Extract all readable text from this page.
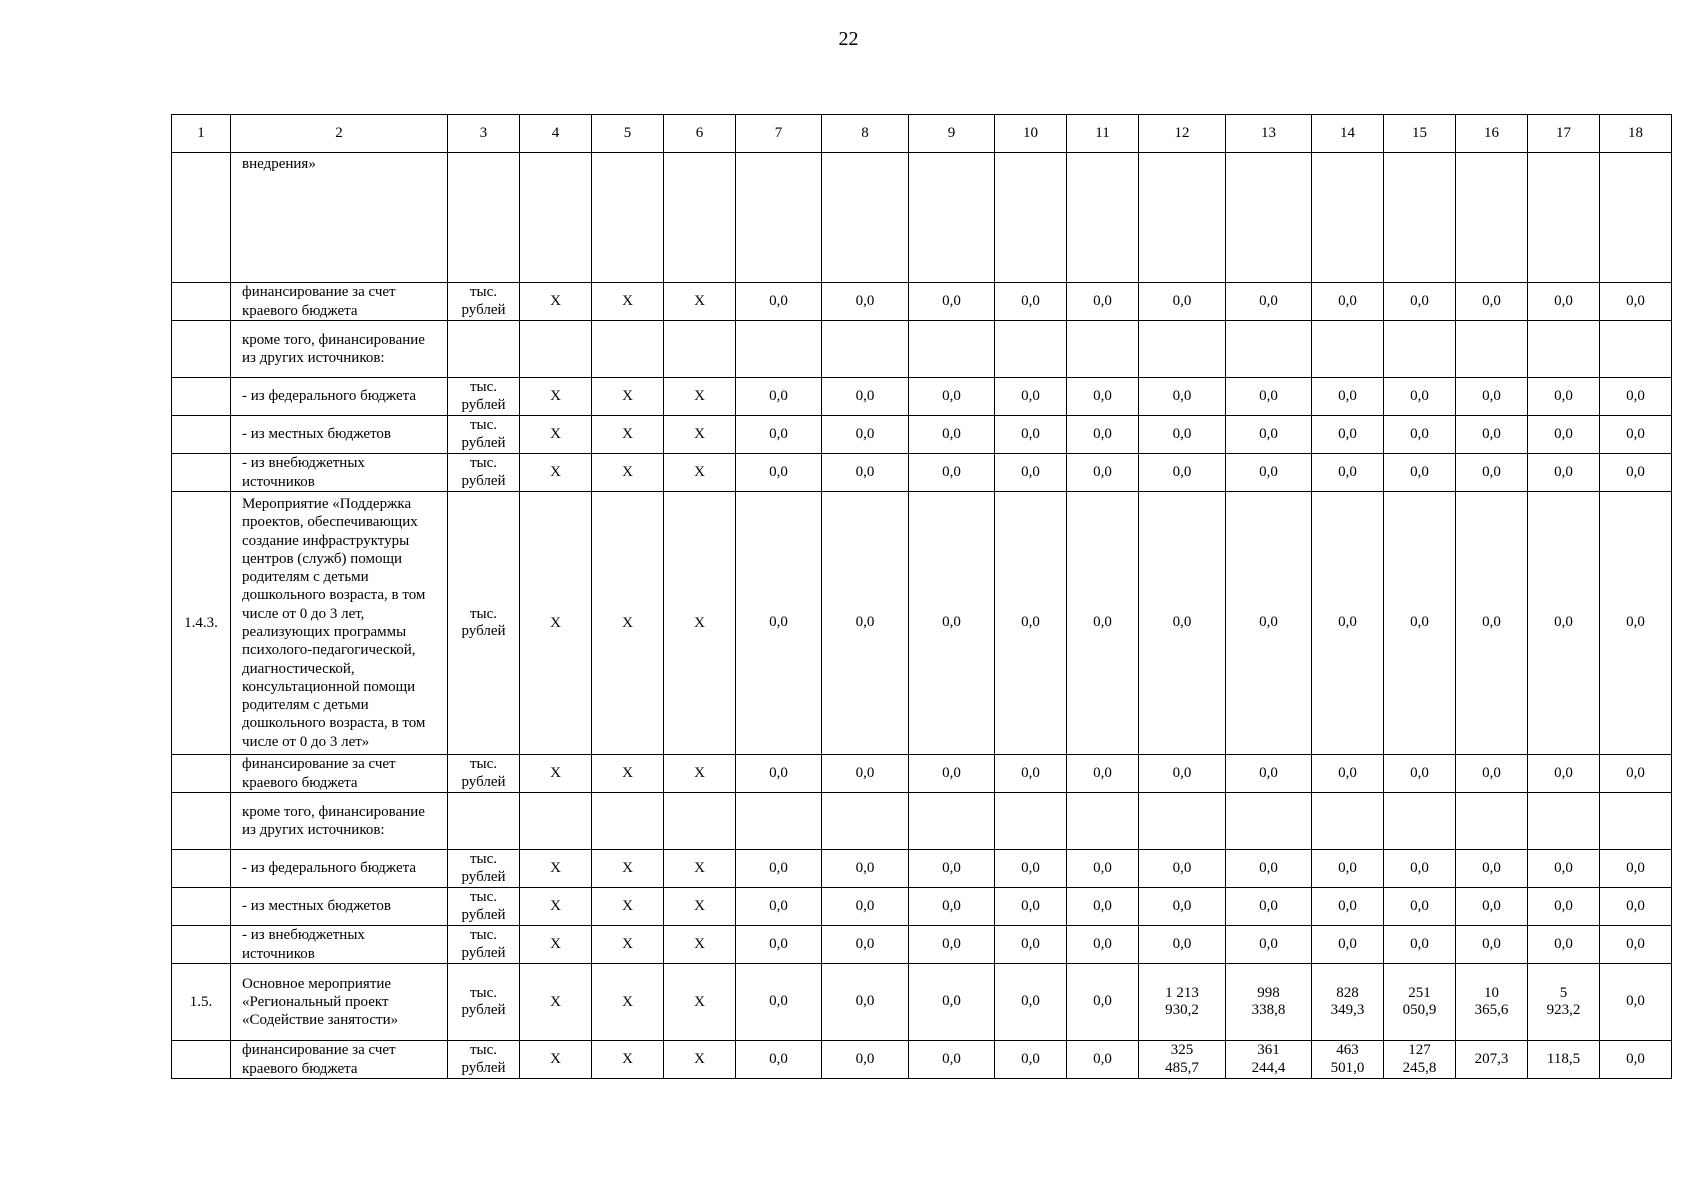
22
1	2	3	4	5	6	7	8	9	10	11	12	13	14	15	16	17	18
	внедрения»																
	финансирование за счет краевого бюджета	тыс. рублей	X	X	X	0,0	0,0	0,0	0,0	0,0	0,0	0,0	0,0	0,0	0,0	0,0	0,0
	кроме того, финансирование из других источников:																
	- из федерального бюджета	тыс. рублей	X	X	X	0,0	0,0	0,0	0,0	0,0	0,0	0,0	0,0	0,0	0,0	0,0	0,0
	- из местных бюджетов	тыс. рублей	X	X	X	0,0	0,0	0,0	0,0	0,0	0,0	0,0	0,0	0,0	0,0	0,0	0,0
	- из внебюджетных источников	тыс. рублей	X	X	X	0,0	0,0	0,0	0,0	0,0	0,0	0,0	0,0	0,0	0,0	0,0	0,0
1.4.3.	Мероприятие «Поддержка проектов, обеспечивающих создание инфраструктуры центров (служб) помощи родителям с детьми дошкольного возраста, в том числе от 0 до 3 лет, реализующих программы психолого-педагогической, диагностической, консультационной помощи родителям с детьми дошкольного возраста, в том числе от 0 до 3 лет»	тыс. рублей	X	X	X	0,0	0,0	0,0	0,0	0,0	0,0	0,0	0,0	0,0	0,0	0,0	0,0
	финансирование за счет краевого бюджета	тыс. рублей	X	X	X	0,0	0,0	0,0	0,0	0,0	0,0	0,0	0,0	0,0	0,0	0,0	0,0
	кроме того, финансирование из других источников:																
	- из федерального бюджета	тыс. рублей	X	X	X	0,0	0,0	0,0	0,0	0,0	0,0	0,0	0,0	0,0	0,0	0,0	0,0
	- из местных бюджетов	тыс. рублей	X	X	X	0,0	0,0	0,0	0,0	0,0	0,0	0,0	0,0	0,0	0,0	0,0	0,0
	- из внебюджетных источников	тыс. рублей	X	X	X	0,0	0,0	0,0	0,0	0,0	0,0	0,0	0,0	0,0	0,0	0,0	0,0
1.5.	Основное мероприятие «Региональный проект «Содействие занятости»	тыс. рублей	X	X	X	0,0	0,0	0,0	0,0	0,0	1 213 930,2	998 338,8	828 349,3	251 050,9	10 365,6	5 923,2	0,0
	финансирование за счет краевого бюджета	тыс. рублей	X	X	X	0,0	0,0	0,0	0,0	0,0	325 485,7	361 244,4	463 501,0	127 245,8	207,3	118,5	0,0
